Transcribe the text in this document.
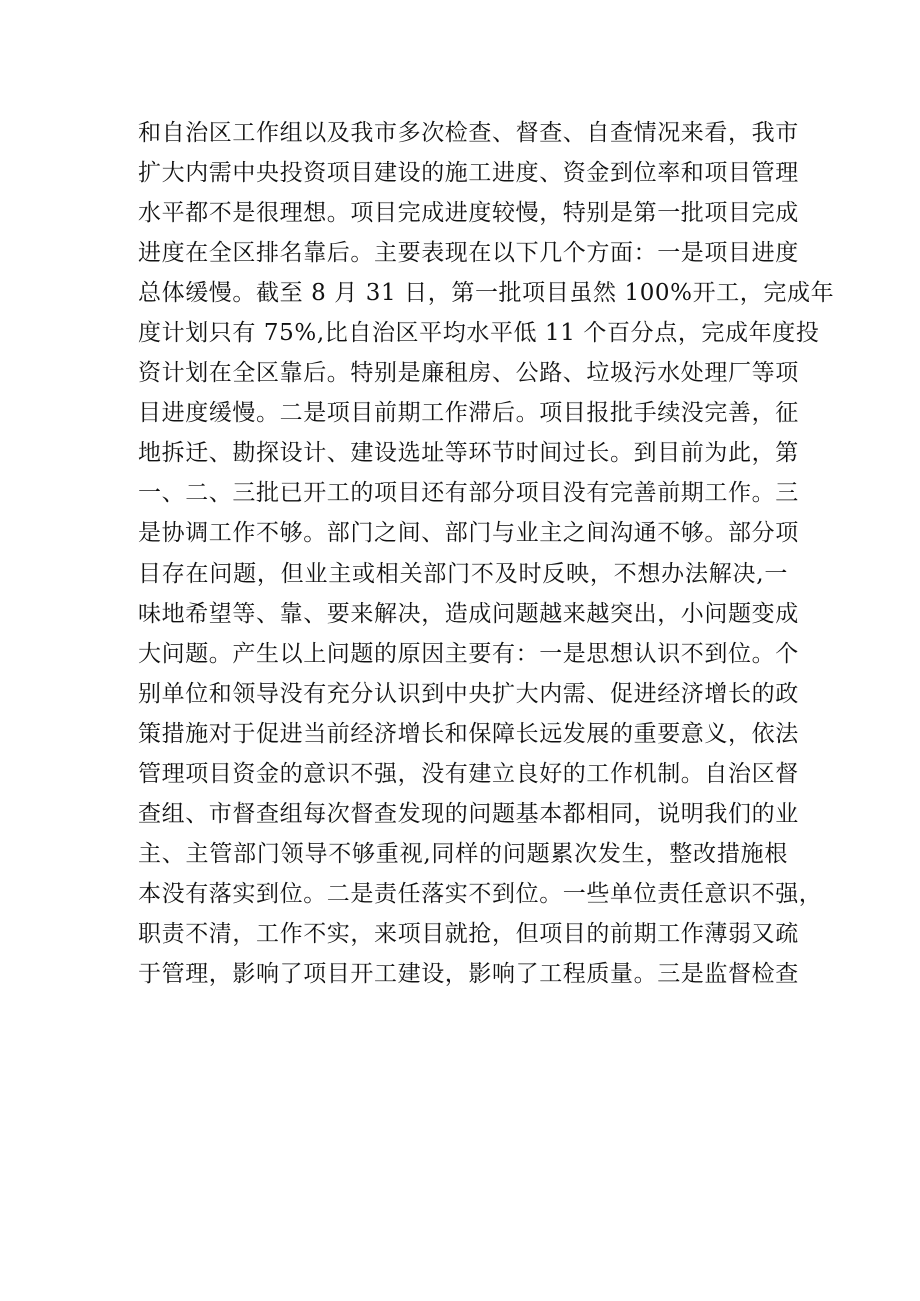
和自治区工作组以及我市多次检查、督查、自查情况来看，我市
扩大内需中央投资项目建设的施工进度、资金到位率和项目管理
水平都不是很理想。项目完成进度较慢，特别是第一批项目完成
进度在全区排名靠后。主要表现在以下几个方面：一是项目进度
总体缓慢。截至 8 月 31 日，第一批项目虽然 100%开工，完成年
度计划只有 75%,比自治区平均水平低 11 个百分点，完成年度投
资计划在全区靠后。特别是廉租房、公路、垃圾污水处理厂等项
目进度缓慢。二是项目前期工作滞后。项目报批手续没完善，征
地拆迁、勘探设计、建设选址等环节时间过长。到目前为此，第
一、二、三批已开工的项目还有部分项目没有完善前期工作。三
是协调工作不够。部门之间、部门与业主之间沟通不够。部分项
目存在问题，但业主或相关部门不及时反映，不想办法解决,一
味地希望等、靠、要来解决，造成问题越来越突出，小问题变成
大问题。产生以上问题的原因主要有：一是思想认识不到位。个
别单位和领导没有充分认识到中央扩大内需、促进经济增长的政
策措施对于促进当前经济增长和保障长远发展的重要意义，依法
管理项目资金的意识不强，没有建立良好的工作机制。自治区督
查组、市督查组每次督查发现的问题基本都相同，说明我们的业
主、主管部门领导不够重视,同样的问题累次发生，整改措施根
本没有落实到位。二是责任落实不到位。一些单位责任意识不强，
职责不清，工作不实，来项目就抢，但项目的前期工作薄弱又疏
于管理，影响了项目开工建设，影响了工程质量。三是监督检查
